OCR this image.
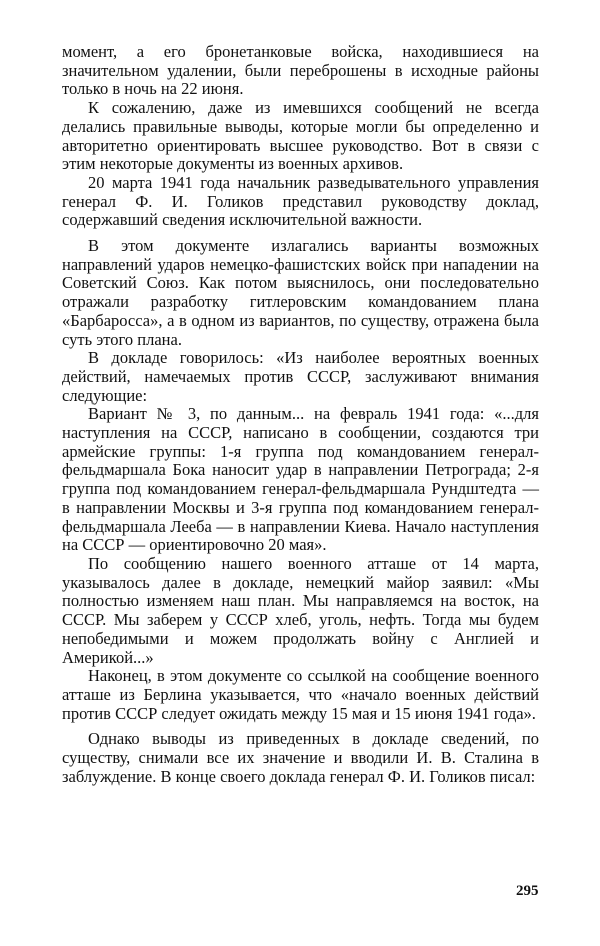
момент, а его бронетанковые войска, находившиеся на значительном удалении, были переброшены в исходные районы только в ночь на 22 июня.

К сожалению, даже из имевшихся сообщений не всегда делались правильные выводы, которые могли бы определенно и авторитетно ориентировать высшее руководство. Вот в связи с этим некоторые документы из военных архивов.

20 марта 1941 года начальник разведывательного управления генерал Ф. И. Голиков представил руководству доклад, содержавший сведения исключительной важности.

В этом документе излагались варианты возможных направлений ударов немецко-фашистских войск при нападении на Советский Союз. Как потом выяснилось, они последовательно отражали разработку гитлеровским командованием плана «Барбаросса», а в одном из вариантов, по существу, отражена была суть этого плана.

В докладе говорилось: «Из наиболее вероятных военных действий, намечаемых против СССР, заслуживают внимания следующие:

Вариант № 3, по данным... на февраль 1941 года: «...для наступления на СССР, написано в сообщении, создаются три армейские группы: 1-я группа под командованием генерал-фельдмаршала Бока наносит удар в направлении Петрограда; 2-я группа под командованием генерал-фельдмаршала Рундштедта — в направлении Москвы и 3-я группа под командованием генерал-фельдмаршала Лееба — в направлении Киева. Начало наступления на СССР — ориентировочно 20 мая».

По сообщению нашего военного атташе от 14 марта, указывалось далее в докладе, немецкий майор заявил: «Мы полностью изменяем наш план. Мы направляемся на восток, на СССР. Мы заберем у СССР хлеб, уголь, нефть. Тогда мы будем непобедимыми и можем продолжать войну с Англией и Америкой...»

Наконец, в этом документе со ссылкой на сообщение военного атташе из Берлина указывается, что «начало военных действий против СССР следует ожидать между 15 мая и 15 июня 1941 года».

Однако выводы из приведенных в докладе сведений, по существу, снимали все их значение и вводили И. В. Сталина в заблуждение. В конце своего доклада генерал Ф. И. Голиков писал:

295
